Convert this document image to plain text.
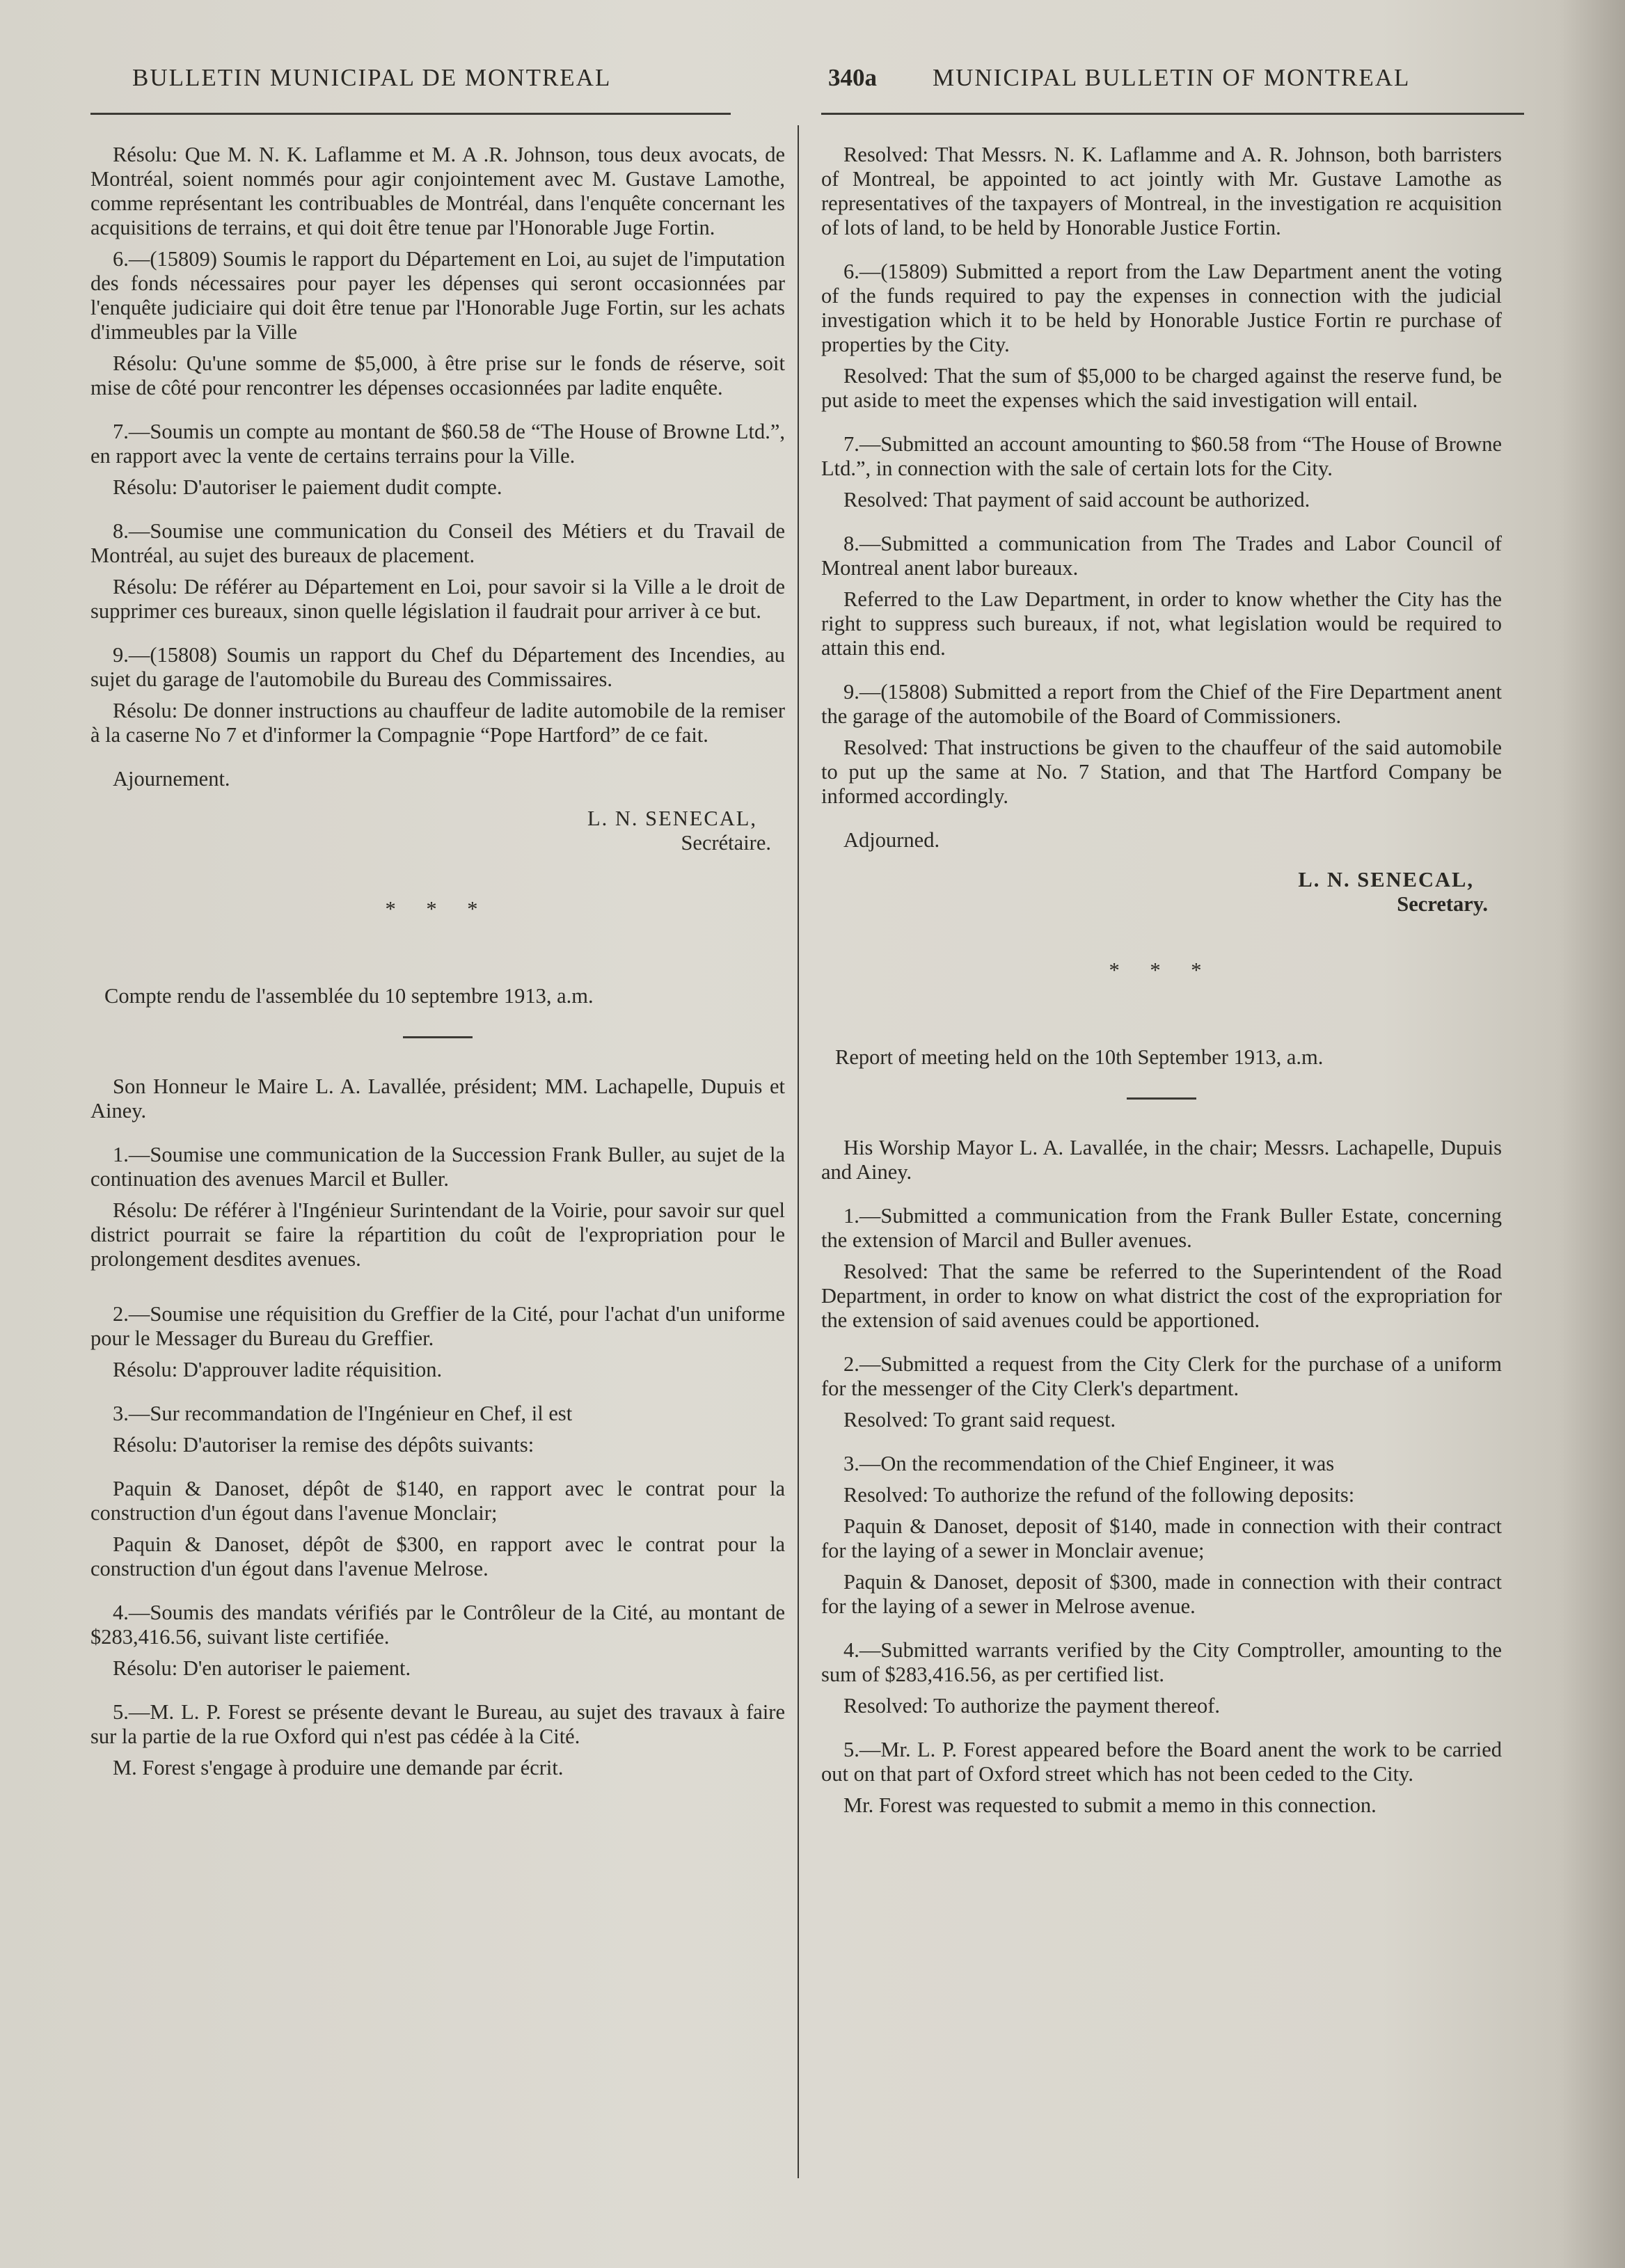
BULLETIN MUNICIPAL DE MONTREAL	340a MUNICIPAL BULLETIN OF MONTREAL

Résolu: Que M. N. K. Laflamme et M. A .R. Johnson, tous deux avocats, de Montréal, soient nommés pour agir conjointement avec M. Gustave Lamothe, comme représentant les contribuables de Montréal, dans l'enquête concernant les acquisitions de terrains, et qui doit être tenue par l'Honorable Juge Fortin.

6.—(15809) Soumis le rapport du Département en Loi, au sujet de l'imputation des fonds nécessaires pour payer les dépenses qui seront occasionnées par l'enquête judiciaire qui doit être tenue par l'Honorable Juge Fortin, sur les achats d'immeubles par la Ville

Résolu: Qu'une somme de $5,000, à être prise sur le fonds de réserve, soit mise de côté pour rencontrer les dépenses occasionnées par ladite enquête.

7.—Soumis un compte au montant de $60.58 de “The House of Browne Ltd.”, en rapport avec la vente de certains terrains pour la Ville.

Résolu: D'autoriser le paiement dudit compte.

8.—Soumise une communication du Conseil des Métiers et du Travail de Montréal, au sujet des bureaux de placement.

Résolu: De référer au Département en Loi, pour savoir si la Ville a le droit de supprimer ces bureaux, sinon quelle législation il faudrait pour arriver à ce but.

9.—(15808) Soumis un rapport du Chef du Département des Incendies, au sujet du garage de l'automobile du Bureau des Commissaires.

Résolu: De donner instructions au chauffeur de ladite automobile de la remiser à la caserne No 7 et d'informer la Compagnie “Pope Hartford” de ce fait.

Ajournement.

L. N. SENECAL,
Secrétaire.
* * *

Compte rendu de l'assemblée du 10 septembre 1913, a.m.

Son Honneur le Maire L. A. Lavallée, président; MM. Lachapelle, Dupuis et Ainey.

1.—Soumise une communication de la Succession Frank Buller, au sujet de la continuation des avenues Marcil et Buller.

Résolu: De référer à l'Ingénieur Surintendant de la Voirie, pour savoir sur quel district pourrait se faire la répartition du coût de l'expropriation pour le prolongement desdites avenues.

2.—Soumise une réquisition du Greffier de la Cité, pour l'achat d'un uniforme pour le Messager du Bureau du Greffier.

Résolu: D'approuver ladite réquisition.

3.—Sur recommandation de l'Ingénieur en Chef, il est

Résolu: D'autoriser la remise des dépôts suivants:

Paquin & Danoset, dépôt de $140, en rapport avec le contrat pour la construction d'un égout dans l'avenue Monclair;

Paquin & Danoset, dépôt de $300, en rapport avec le contrat pour la construction d'un égout dans l'avenue Melrose.

4.—Soumis des mandats vérifiés par le Contrôleur de la Cité, au montant de $283,416.56, suivant liste certifiée.

Résolu: D'en autoriser le paiement.

5.—M. L. P. Forest se présente devant le Bureau, au sujet des travaux à faire sur la partie de la rue Oxford qui n'est pas cédée à la Cité.

M. Forest s'engage à produire une demande par écrit.

Resolved: That Messrs. N. K. Laflamme and A. R. Johnson, both barristers of Montreal, be appointed to act jointly with Mr. Gustave Lamothe as representatives of the taxpayers of Montreal, in the investigation re acquisition of lots of land, to be held by Honorable Justice Fortin.

6.—(15809) Submitted a report from the Law Department anent the voting of the funds required to pay the expenses in connection with the judicial investigation which it to be held by Honorable Justice Fortin re purchase of properties by the City.

Resolved: That the sum of $5,000 to be charged against the reserve fund, be put aside to meet the expenses which the said investigation will entail.

7.—Submitted an account amounting to $60.58 from “The House of Browne Ltd.”, in connection with the sale of certain lots for the City.

Resolved: That payment of said account be authorized.

8.—Submitted a communication from The Trades and Labor Council of Montreal anent labor bureaux.

Referred to the Law Department, in order to know whether the City has the right to suppress such bureaux, if not, what legislation would be required to attain this end.

9.—(15808) Submitted a report from the Chief of the Fire Department anent the garage of the automobile of the Board of Commissioners.

Resolved: That instructions be given to the chauffeur of the said automobile to put up the same at No. 7 Station, and that The Hartford Company be informed accordingly.

Adjourned.

L. N. SENECAL,
Secretary.
* * *

Report of meeting held on the 10th September 1913, a.m.

His Worship Mayor L. A. Lavallée, in the chair; Messrs. Lachapelle, Dupuis and Ainey.

1.—Submitted a communication from the Frank Buller Estate, concerning the extension of Marcil and Buller avenues.

Resolved: That the same be referred to the Superintendent of the Road Department, in order to know on what district the cost of the expropriation for the extension of said avenues could be apportioned.

2.—Submitted a request from the City Clerk for the purchase of a uniform for the messenger of the City Clerk's department.

Resolved: To grant said request.

3.—On the recommendation of the Chief Engineer, it was

Resolved: To authorize the refund of the following deposits:

Paquin & Danoset, deposit of $140, made in connection with their contract for the laying of a sewer in Monclair avenue;

Paquin & Danoset, deposit of $300, made in connection with their contract for the laying of a sewer in Melrose avenue.

4.—Submitted warrants verified by the City Comptroller, amounting to the sum of $283,416.56, as per certified list.

Resolved: To authorize the payment thereof.

5.—Mr. L. P. Forest appeared before the Board anent the work to be carried out on that part of Oxford street which has not been ceded to the City.

Mr. Forest was requested to submit a memo in this connection.
